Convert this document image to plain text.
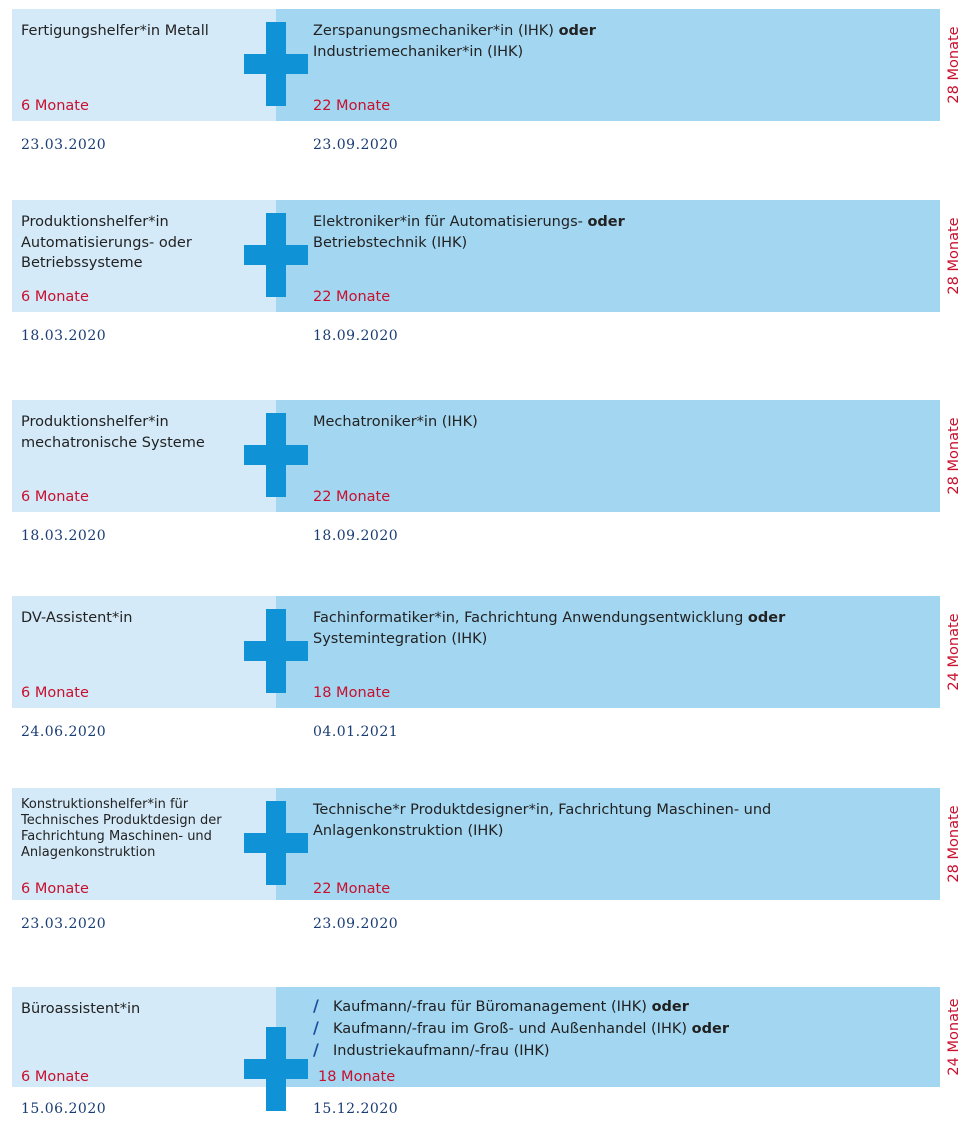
Fertigungshelfer*in Metall
6 Monate
Zerspanungsmechaniker*in (IHK) oder Industriemechaniker*in (IHK)
22 Monate
23.03.2020	23.09.2020
28 Monate
Produktionshelfer*in Automatisierungs- oder Betriebssysteme
6 Monate
Elektroniker*in für Automatisierungs- oder Betriebstechnik (IHK)
22 Monate
18.03.2020	18.09.2020
28 Monate
Produktionshelfer*in mechatronische Systeme
6 Monate
Mechatroniker*in (IHK)
22 Monate
18.03.2020	18.09.2020
28 Monate
DV-Assistent*in
6 Monate
Fachinformatiker*in, Fachrichtung Anwendungsentwicklung oder Systemintegration (IHK)
18 Monate
24.06.2020	04.01.2021
24 Monate
Konstruktionshelfer*in für Technisches Produktdesign der Fachrichtung Maschinen- und Anlagenkonstruktion
6 Monate
Technische*r Produktdesigner*in, Fachrichtung Maschinen- und Anlagenkonstruktion (IHK)
22 Monate
23.03.2020	23.09.2020
28 Monate
Büroassistent*in
6 Monate
/ Kaufmann/-frau für Büromanagement (IHK) oder
/ Kaufmann/-frau im Groß- und Außenhandel (IHK) oder
/ Industriekaufmann/-frau (IHK)
18 Monate
15.06.2020	15.12.2020
24 Monate
